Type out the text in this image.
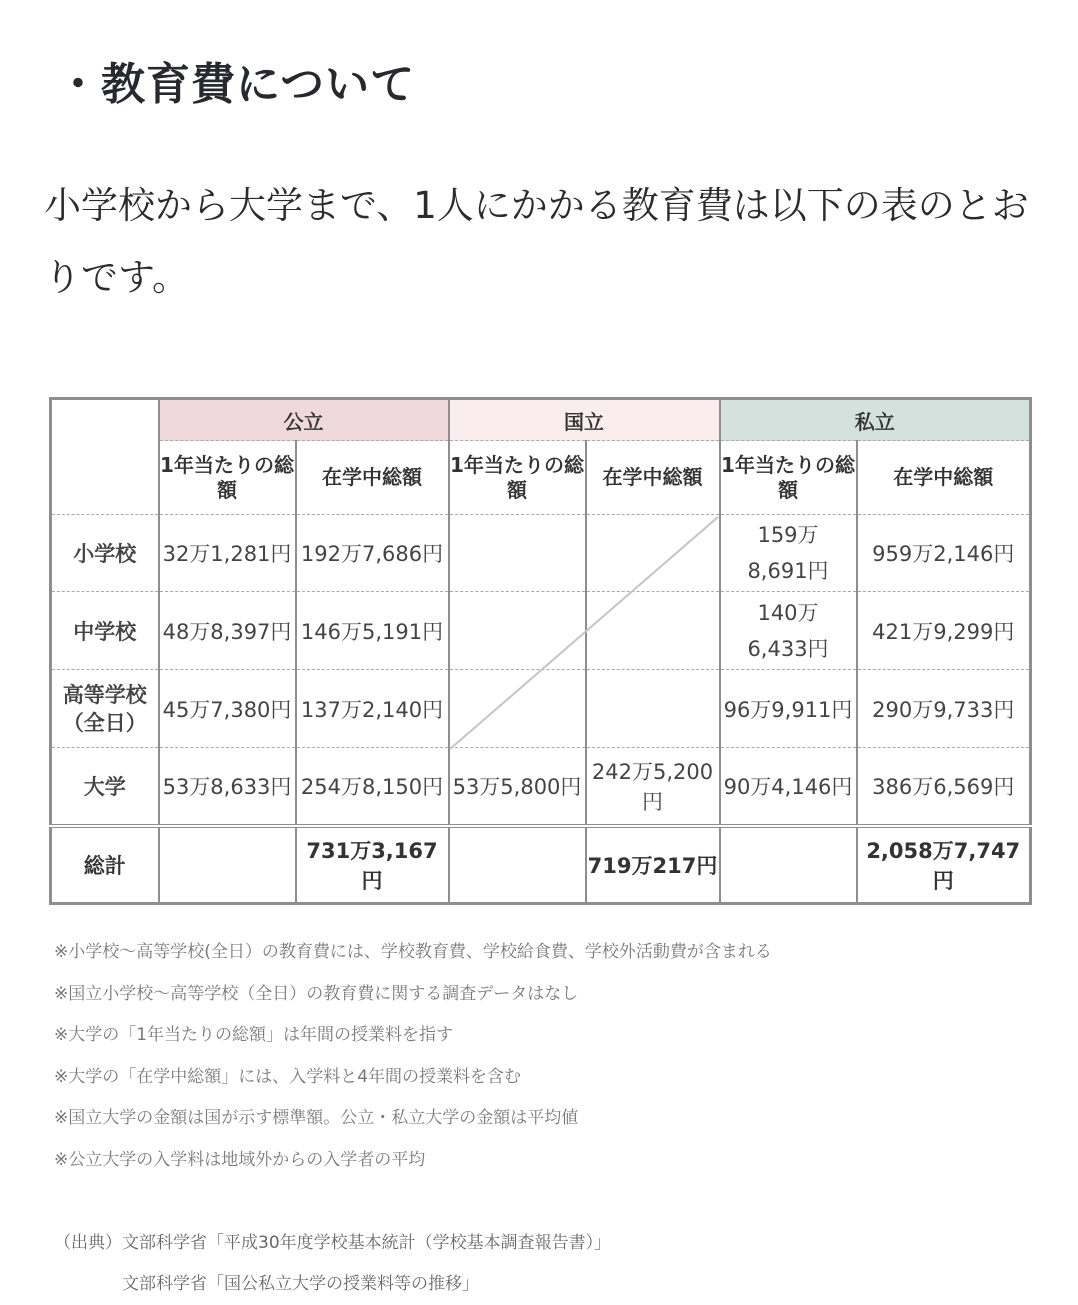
・教育費について
小学校から大学まで、1人にかかる教育費は以下の表のとおりです。
	公立		国立		私立	
	1年当たりの総額	在学中総額	1年当たりの総額	在学中総額	1年当たりの総額	在学中総額
小学校	32万1,281円	192万7,686円			159万8,691円	959万2,146円
中学校	48万8,397円	146万5,191円			140万6,433円	421万9,299円
高等学校（全日）	45万7,380円	137万2,140円			96万9,911円	290万9,733円
大学	53万8,633円	254万8,150円	53万5,800円	242万5,200円	90万4,146円	386万6,569円
総計		731万3,167円		719万217円		2,058万7,747円
※小学校～高等学校(全日）の教育費には、学校教育費、学校給食費、学校外活動費が含まれる
※国立小学校～高等学校（全日）の教育費に関する調査データはなし
※大学の「1年当たりの総額」は年間の授業料を指す
※大学の「在学中総額」には、入学料と4年間の授業料を含む
※国立大学の金額は国が示す標準額。公立・私立大学の金額は平均値
※公立大学の入学料は地域外からの入学者の平均
（出典）文部科学省「平成30年度学校基本統計（学校基本調査報告書）」
文部科学省「国公私立大学の授業料等の推移」
